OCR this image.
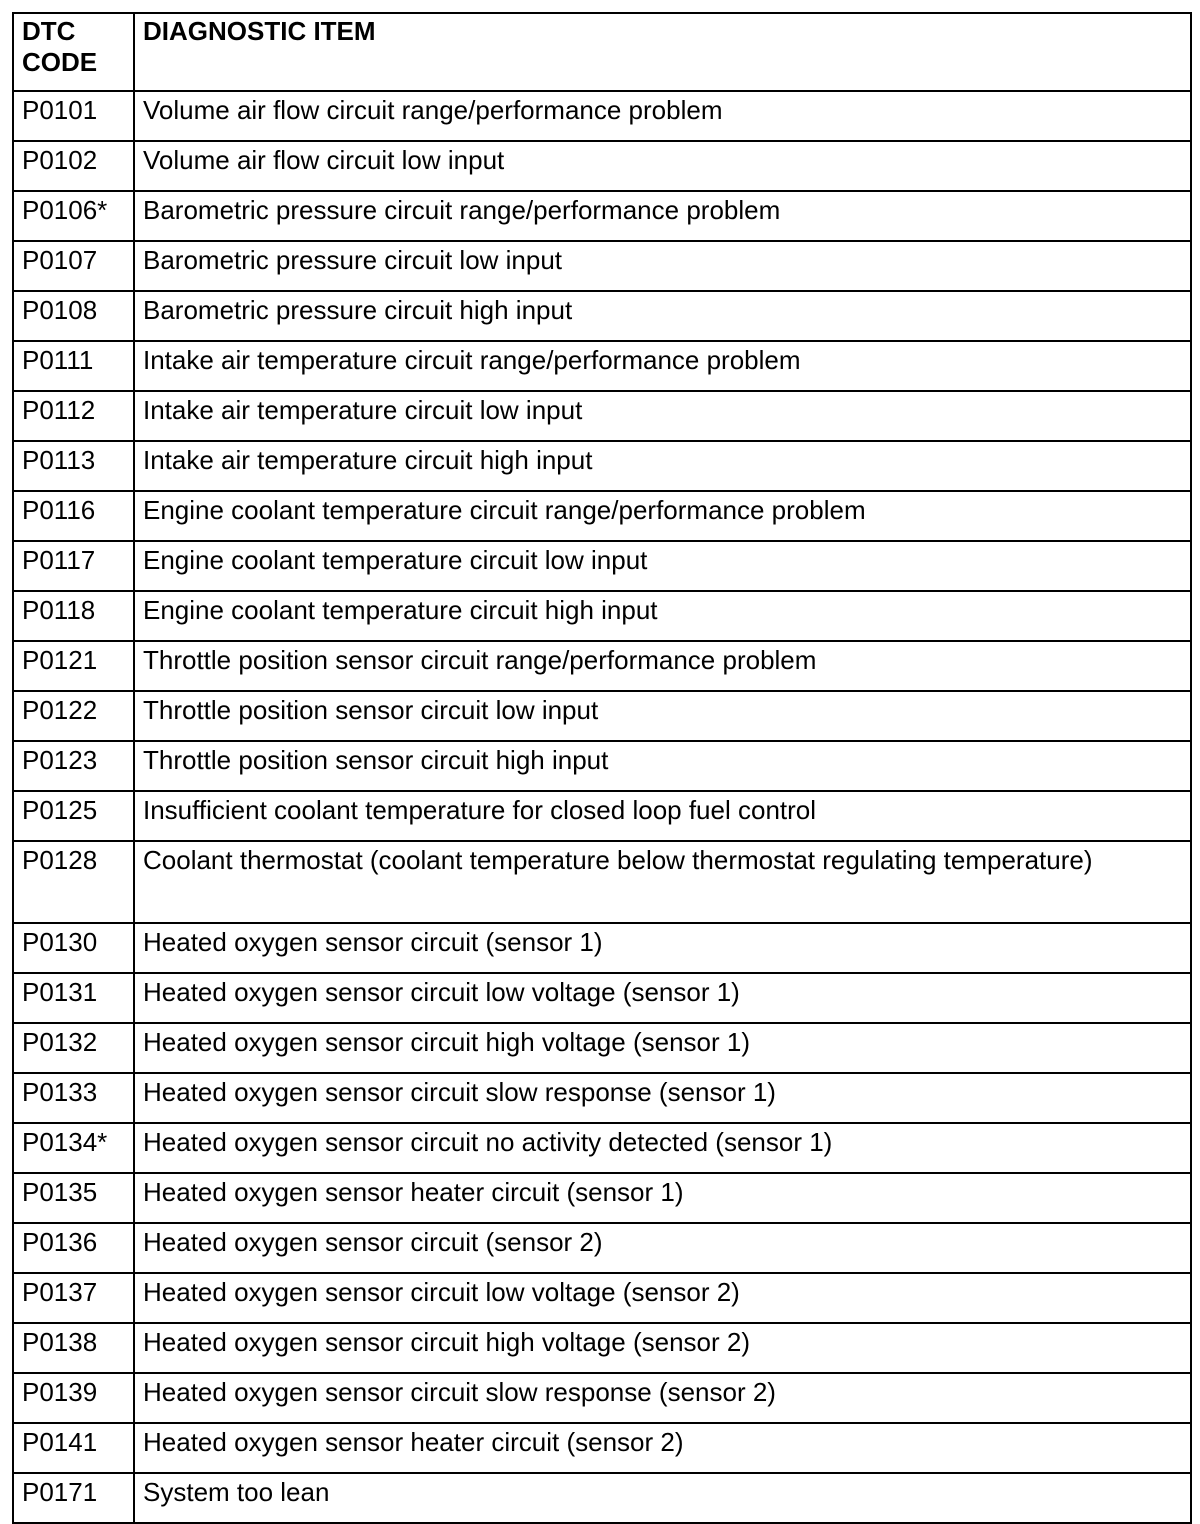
DTC CODE	DIAGNOSTIC ITEM
P0101	Volume air flow circuit range/performance problem
P0102	Volume air flow circuit low input
P0106*	Barometric pressure circuit range/performance problem
P0107	Barometric pressure circuit low input
P0108	Barometric pressure circuit high input
P0111	Intake air temperature circuit range/performance problem
P0112	Intake air temperature circuit low input
P0113	Intake air temperature circuit high input
P0116	Engine coolant temperature circuit range/performance problem
P0117	Engine coolant temperature circuit low input
P0118	Engine coolant temperature circuit high input
P0121	Throttle position sensor circuit range/performance problem
P0122	Throttle position sensor circuit low input
P0123	Throttle position sensor circuit high input
P0125	Insufficient coolant temperature for closed loop fuel control
P0128	Coolant thermostat (coolant temperature below thermostat regulating temperature)
P0130	Heated oxygen sensor circuit (sensor 1)
P0131	Heated oxygen sensor circuit low voltage (sensor 1)
P0132	Heated oxygen sensor circuit high voltage (sensor 1)
P0133	Heated oxygen sensor circuit slow response (sensor 1)
P0134*	Heated oxygen sensor circuit no activity detected (sensor 1)
P0135	Heated oxygen sensor heater circuit (sensor 1)
P0136	Heated oxygen sensor circuit (sensor 2)
P0137	Heated oxygen sensor circuit low voltage (sensor 2)
P0138	Heated oxygen sensor circuit high voltage (sensor 2)
P0139	Heated oxygen sensor circuit slow response (sensor 2)
P0141	Heated oxygen sensor heater circuit (sensor 2)
P0171	System too lean
